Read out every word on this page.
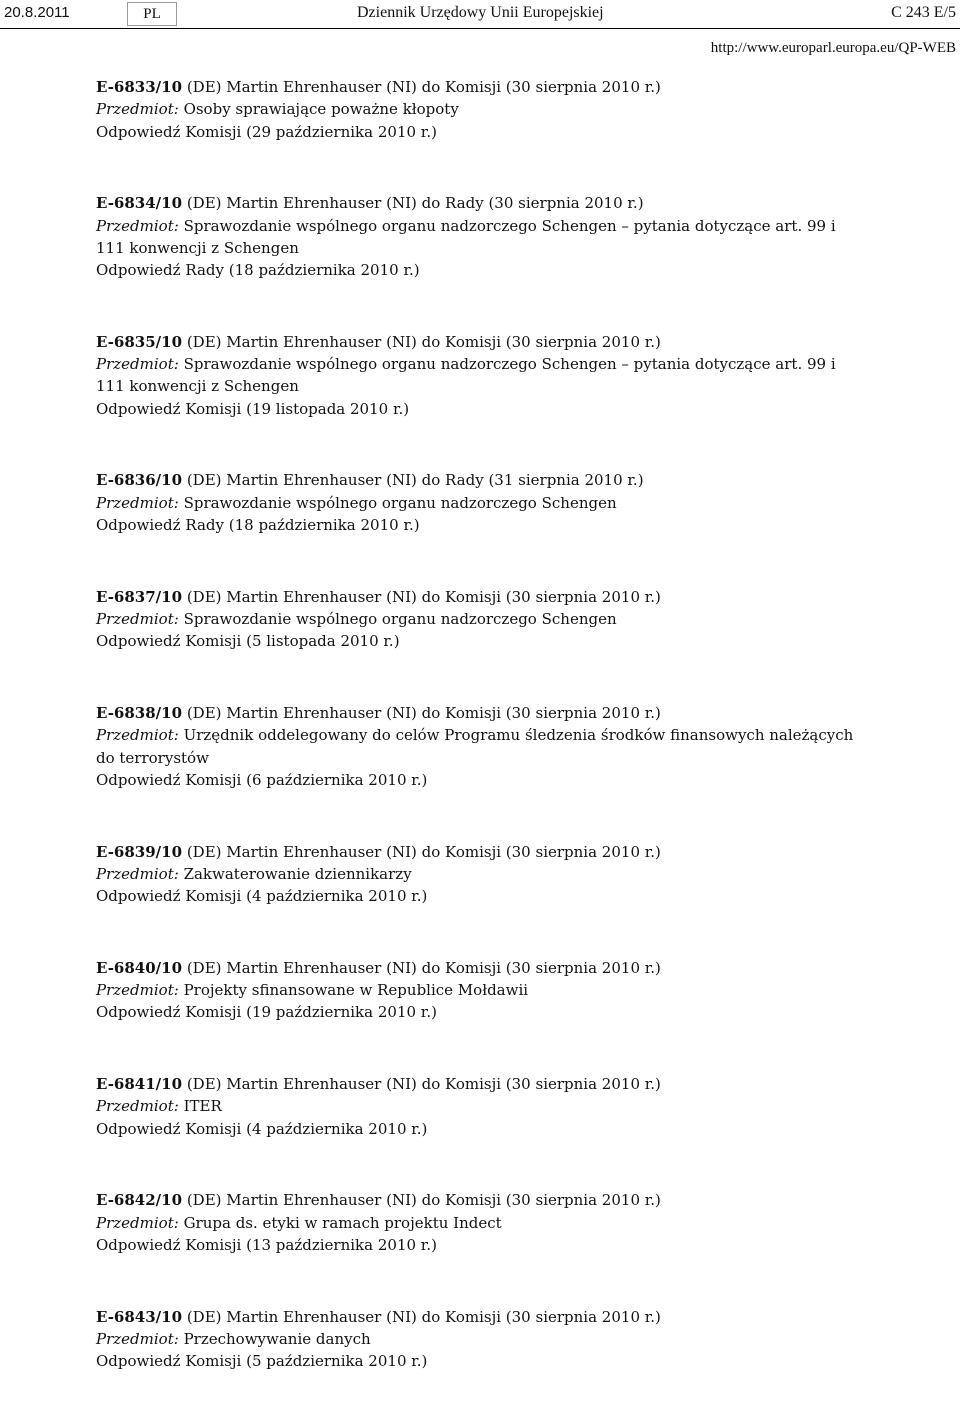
20.8.2011	PL	Dziennik Urzędowy Unii Europejskiej	C 243 E/5
http://www.europarl.europa.eu/QP-WEB

E-6833/10 (DE) Martin Ehrenhauser (NI) do Komisji (30 sierpnia 2010 r.)

Przedmiot: Osoby sprawiające poważne kłopoty

Odpowiedź Komisji (29 października 2010 r.)

E-6834/10 (DE) Martin Ehrenhauser (NI) do Rady (30 sierpnia 2010 r.)

Przedmiot: Sprawozdanie wspólnego organu nadzorczego Schengen – pytania dotyczące art. 99 i 111 konwencji z Schengen

Odpowiedź Rady (18 października 2010 r.)

E-6835/10 (DE) Martin Ehrenhauser (NI) do Komisji (30 sierpnia 2010 r.)

Przedmiot: Sprawozdanie wspólnego organu nadzorczego Schengen – pytania dotyczące art. 99 i 111 konwencji z Schengen

Odpowiedź Komisji (19 listopada 2010 r.)

E-6836/10 (DE) Martin Ehrenhauser (NI) do Rady (31 sierpnia 2010 r.)

Przedmiot: Sprawozdanie wspólnego organu nadzorczego Schengen

Odpowiedź Rady (18 października 2010 r.)

E-6837/10 (DE) Martin Ehrenhauser (NI) do Komisji (30 sierpnia 2010 r.)

Przedmiot: Sprawozdanie wspólnego organu nadzorczego Schengen

Odpowiedź Komisji (5 listopada 2010 r.)

E-6838/10 (DE) Martin Ehrenhauser (NI) do Komisji (30 sierpnia 2010 r.)

Przedmiot: Urzędnik oddelegowany do celów Programu śledzenia środków finansowych należących do terrorystów

Odpowiedź Komisji (6 października 2010 r.)

E-6839/10 (DE) Martin Ehrenhauser (NI) do Komisji (30 sierpnia 2010 r.)

Przedmiot: Zakwaterowanie dziennikarzy

Odpowiedź Komisji (4 października 2010 r.)

E-6840/10 (DE) Martin Ehrenhauser (NI) do Komisji (30 sierpnia 2010 r.)

Przedmiot: Projekty sfinansowane w Republice Mołdawii

Odpowiedź Komisji (19 października 2010 r.)

E-6841/10 (DE) Martin Ehrenhauser (NI) do Komisji (30 sierpnia 2010 r.)

Przedmiot: ITER

Odpowiedź Komisji (4 października 2010 r.)

E-6842/10 (DE) Martin Ehrenhauser (NI) do Komisji (30 sierpnia 2010 r.)

Przedmiot: Grupa ds. etyki w ramach projektu Indect

Odpowiedź Komisji (13 października 2010 r.)

E-6843/10 (DE) Martin Ehrenhauser (NI) do Komisji (30 sierpnia 2010 r.)

Przedmiot: Przechowywanie danych

Odpowiedź Komisji (5 października 2010 r.)
